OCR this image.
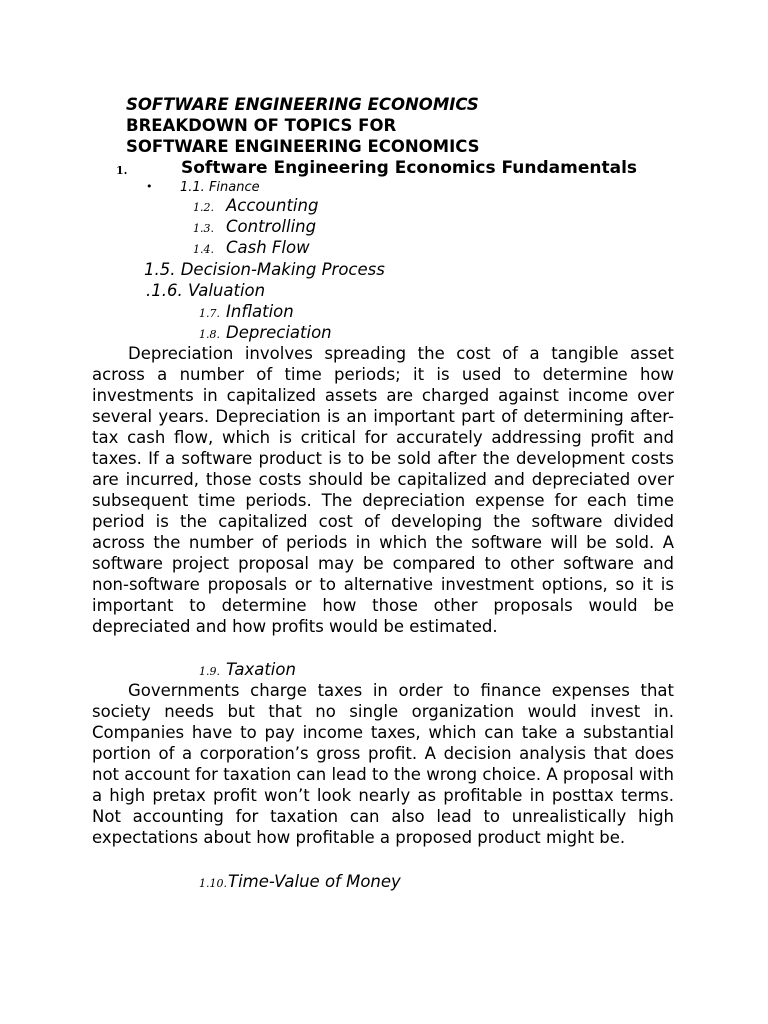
SOFTWARE ENGINEERING ECONOMICS
BREAKDOWN OF TOPICS FOR
SOFTWARE ENGINEERING ECONOMICS
1.	Software Engineering Economics Fundamentals
• 1.1. Finance
1.2. Accounting
1.3. Controlling
1.4. Cash Flow
1.5. Decision-Making Process
.1.6. Valuation
1.7. Inflation
1.8. Depreciation

Depreciation involves spreading the cost of a tangible asset across a number of time periods; it is used to determine how investments in capitalized assets are charged against income over several years. Depreciation is an important part of determining after-tax cash flow, which is critical for accurately addressing profit and taxes. If a software product is to be sold after the development costs are incurred, those costs should be capitalized and depreciated over subsequent time periods. The depreciation expense for each time period is the capitalized cost of developing the software divided across the number of periods in which the software will be sold. A software project proposal may be compared to other software and non-software proposals or to alternative investment options, so it is important to determine how those other proposals would be depreciated and how profits would be estimated.

1.9. Taxation

Governments charge taxes in order to finance expenses that society needs but that no single organization would invest in. Companies have to pay income taxes, which can take a substantial portion of a corporation’s gross profit. A decision analysis that does not account for taxation can lead to the wrong choice. A proposal with a high pretax profit won’t look nearly as profitable in posttax terms. Not accounting for taxation can also lead to unrealistically high expectations about how profitable a proposed product might be.

1.10. Time-Value of Money
